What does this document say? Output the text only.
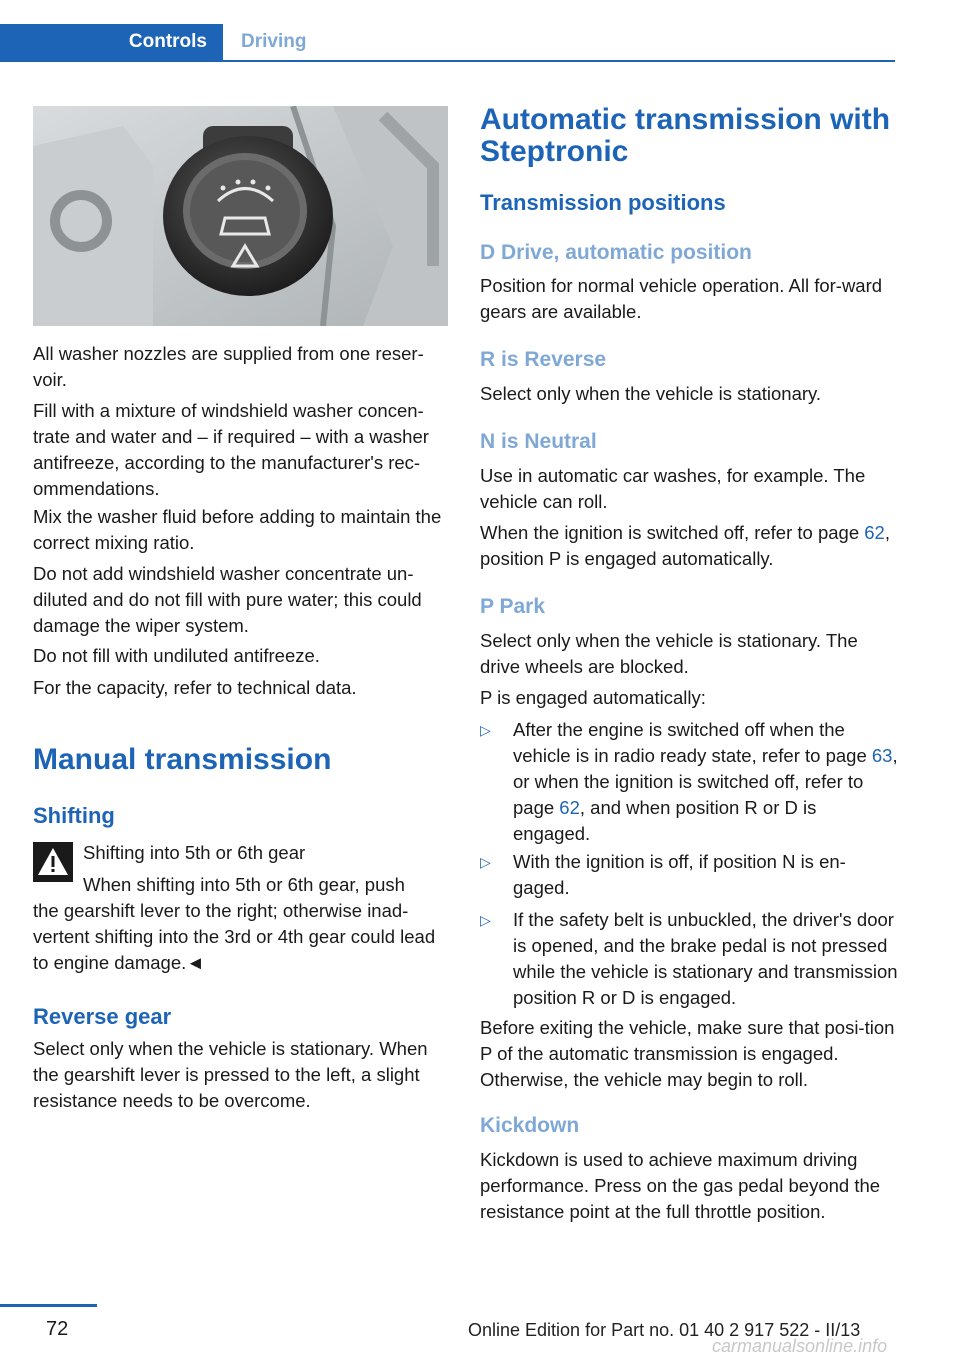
Controls Driving

All washer nozzles are supplied from one reser-voir.

Fill with a mixture of windshield washer concen-trate and water and – if required – with a washer antifreeze, according to the manufacturer's rec-ommendations.

Mix the washer fluid before adding to maintain the correct mixing ratio.

Do not add windshield washer concentrate un-diluted and do not fill with pure water; this could damage the wiper system.

Do not fill with undiluted antifreeze.

For the capacity, refer to technical data.

Manual transmission
Shifting

Shifting into 5th or 6th gear

When shifting into 5th or 6th gear, push

the gearshift lever to the right; otherwise inad-vertent shifting into the 3rd or 4th gear could lead to engine damage.◄

Reverse gear

Select only when the vehicle is stationary. When the gearshift lever is pressed to the left, a slight resistance needs to be overcome.

Automatic transmission with Steptronic
Transmission positions
D Drive, automatic position

Position for normal vehicle operation. All for-ward gears are available.

R is Reverse

Select only when the vehicle is stationary.

N is Neutral

Use in automatic car washes, for example. The vehicle can roll.

When the ignition is switched off, refer to page 62, position P is engaged automatically.

P Park

Select only when the vehicle is stationary. The drive wheels are blocked.

P is engaged automatically:

▷ After the engine is switched off when the vehicle is in radio ready state, refer to page 63, or when the ignition is switched off, refer to page 62, and when position R or D is engaged.
▷ With the ignition is off, if position N is en-gaged.
▷ If the safety belt is unbuckled, the driver's door is opened, and the brake pedal is not pressed while the vehicle is stationary and transmission position R or D is engaged.

Before exiting the vehicle, make sure that posi-tion P of the automatic transmission is engaged. Otherwise, the vehicle may begin to roll.

Kickdown

Kickdown is used to achieve maximum driving performance. Press on the gas pedal beyond the resistance point at the full throttle position.

72	Online Edition for Part no. 01 40 2 917 522 - II/13
carmanualsonline.info
